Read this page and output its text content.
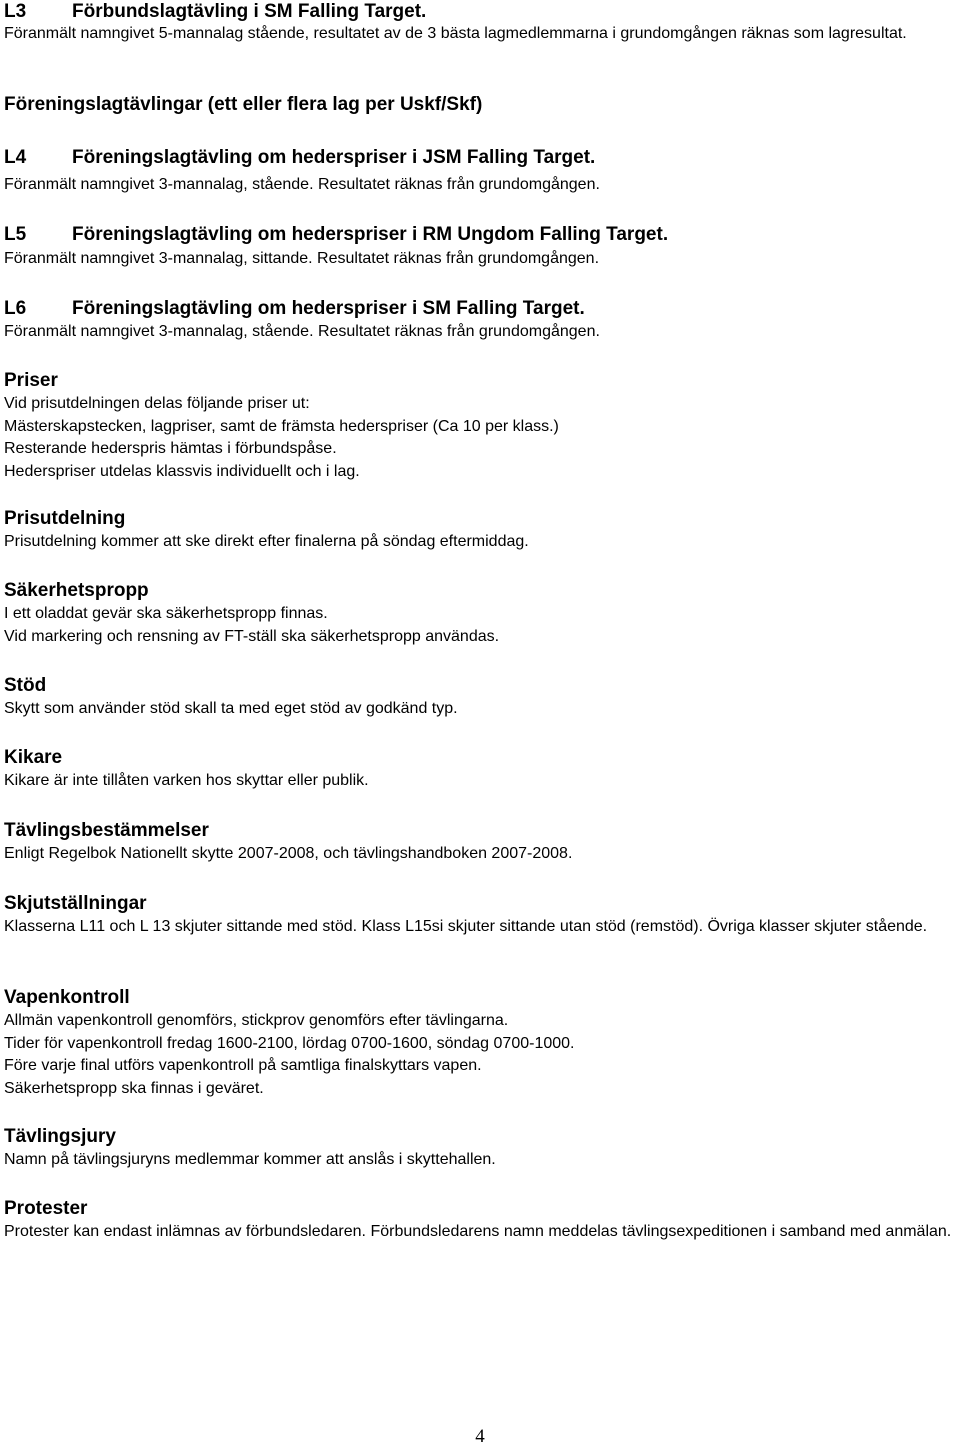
L3 Förbundslagtävling i SM Falling Target.

Föranmält namngivet 5-mannalag stående, resultatet av de 3 bästa lagmedlemmarna i grundomgången räknas som lagresultat.

Föreningslagtävlingar (ett eller flera lag per Uskf/Skf)

L4 Föreningslagtävling om hederspriser i JSM Falling Target.

Föranmält namngivet 3-mannalag, stående. Resultatet räknas från grundomgången.

L5 Föreningslagtävling om hederspriser i RM Ungdom Falling Target.

Föranmält namngivet 3-mannalag, sittande. Resultatet räknas från grundomgången.

L6 Föreningslagtävling om hederspriser i SM Falling Target.

Föranmält namngivet 3-mannalag, stående. Resultatet räknas från grundomgången.

Priser

Vid prisutdelningen delas följande priser ut:

Mästerskapstecken, lagpriser, samt de främsta hederspriser (Ca 10 per klass.)

Resterande hederspris hämtas i förbundspåse.

Hederspriser utdelas klassvis individuellt och i lag.

Prisutdelning

Prisutdelning kommer att ske direkt efter finalerna på söndag eftermiddag.

Säkerhetspropp

I ett oladdat gevär ska säkerhetspropp finnas.

Vid markering och rensning av FT-ställ ska säkerhetspropp användas.

Stöd

Skytt som använder stöd skall ta med eget stöd av godkänd typ.

Kikare

Kikare är inte tillåten varken hos skyttar eller publik.

Tävlingsbestämmelser

Enligt Regelbok Nationellt skytte 2007-2008, och tävlingshandboken 2007-2008.

Skjutställningar

Klasserna L11 och L 13 skjuter sittande med stöd. Klass L15si skjuter sittande utan stöd (remstöd). Övriga klasser skjuter stående.

Vapenkontroll

Allmän vapenkontroll genomförs, stickprov genomförs efter tävlingarna.

Tider för vapenkontroll fredag 1600-2100, lördag 0700-1600, söndag 0700-1000.

Före varje final utförs vapenkontroll på samtliga finalskyttars vapen.

Säkerhetspropp ska finnas i geväret.

Tävlingsjury

Namn på tävlingsjuryns medlemmar kommer att anslås i skyttehallen.

Protester

Protester kan endast inlämnas av förbundsledaren. Förbundsledarens namn meddelas tävlingsexpeditionen i samband med anmälan.

4
